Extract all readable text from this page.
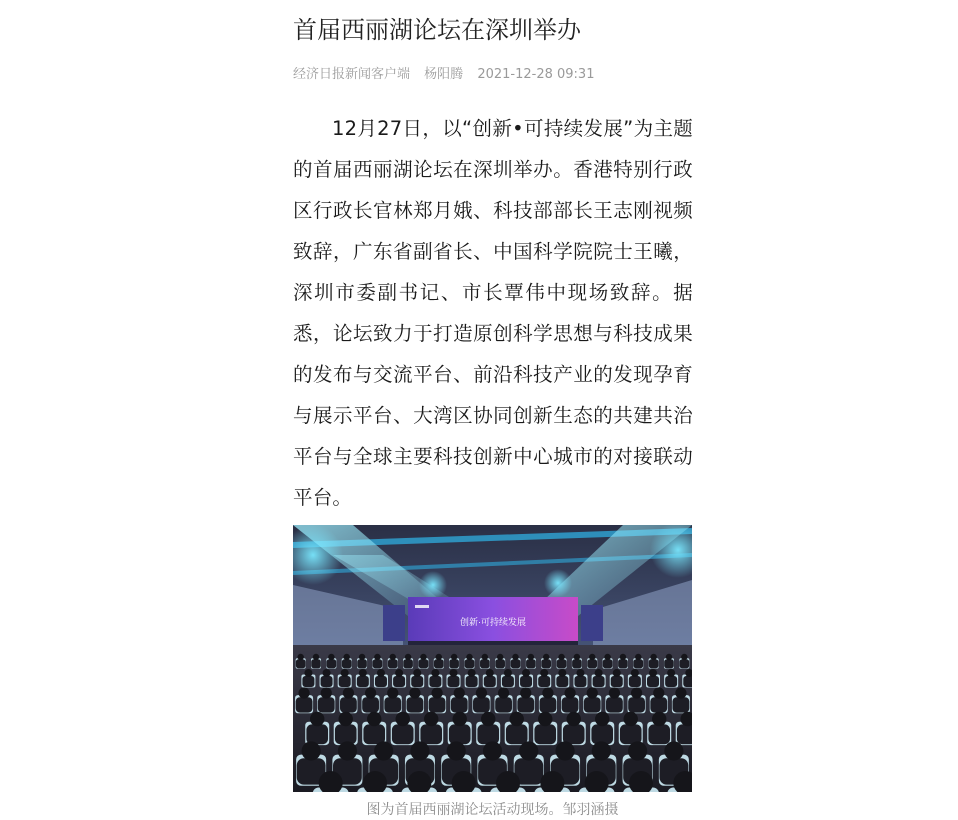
首届西丽湖论坛在深圳举办
经济日报新闻客户端 杨阳腾 2021-12-28 09:31

12月27日，以“创新•可持续发展”为主题的首届西丽湖论坛在深圳举办。香港特别行政区行政长官林郑月娥、科技部部长王志刚视频致辞，广东省副省长、中国科学院院士王曦，深圳市委副书记、市长覃伟中现场致辞。据悉，论坛致力于打造原创科学思想与科技成果的发布与交流平台、前沿科技产业的发现孕育与展示平台、大湾区协同创新生态的共建共治平台与全球主要科技创新中心城市的对接联动平台。

创新·可持续发展
图为首届西丽湖论坛活动现场。邹羽涵摄
